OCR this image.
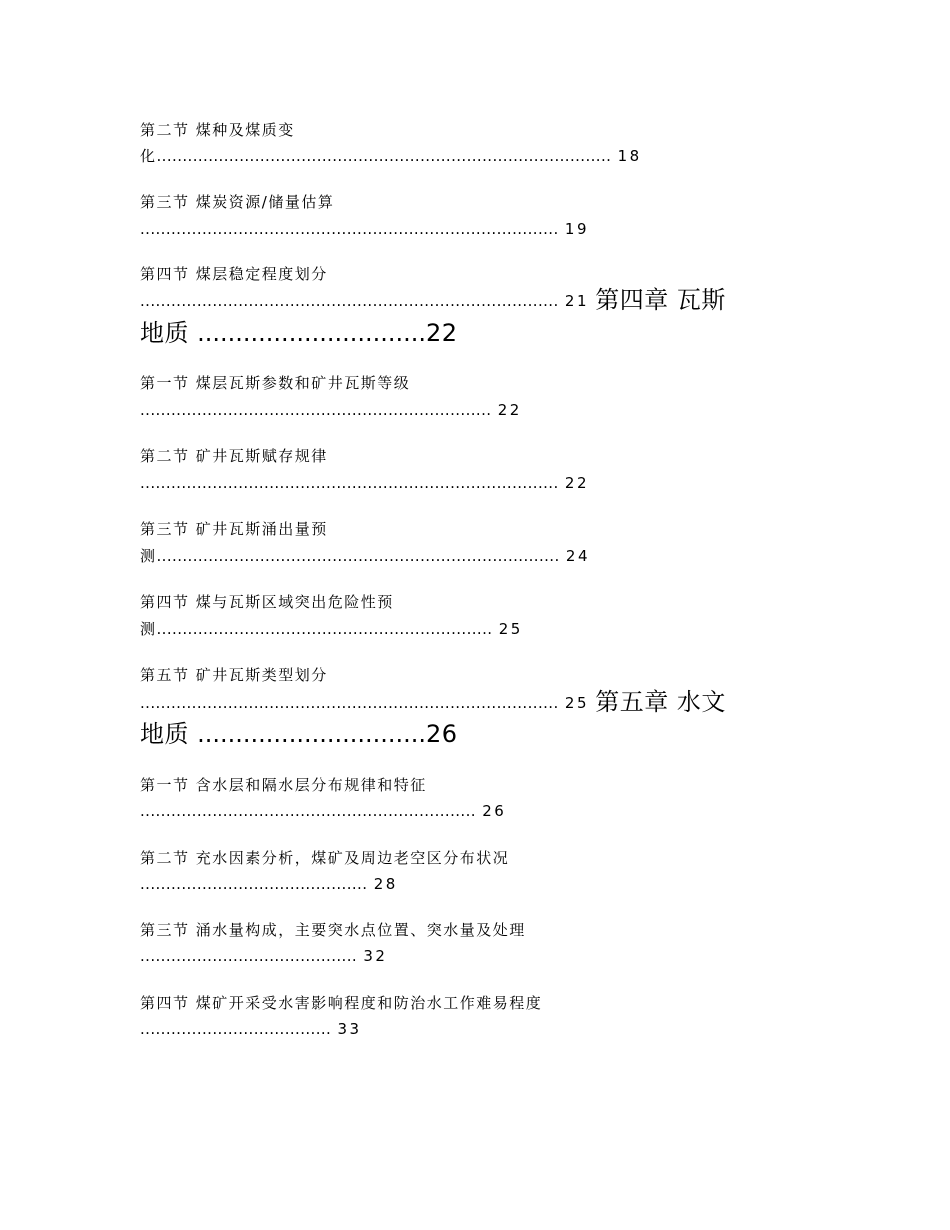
第二节 煤种及煤质变
化........................................................................................ 18
第三节 煤炭资源/储量估算
................................................................................. 19
第四节 煤层稳定程度划分
................................................................................. 21 第四章 瓦斯
地质 ..............................22
第一节 煤层瓦斯参数和矿井瓦斯等级
.................................................................... 22
第二节 矿井瓦斯赋存规律
................................................................................. 22
第三节 矿井瓦斯涌出量预
测.............................................................................. 24
第四节 煤与瓦斯区域突出危险性预
测................................................................. 25
第五节 矿井瓦斯类型划分
................................................................................. 25 第五章 水文
地质 ..............................26
第一节 含水层和隔水层分布规律和特征
................................................................. 26
第二节 充水因素分析，煤矿及周边老空区分布状况
............................................ 28
第三节 涌水量构成，主要突水点位置、突水量及处理
.......................................... 32
第四节 煤矿开采受水害影响程度和防治水工作难易程度
..................................... 33
